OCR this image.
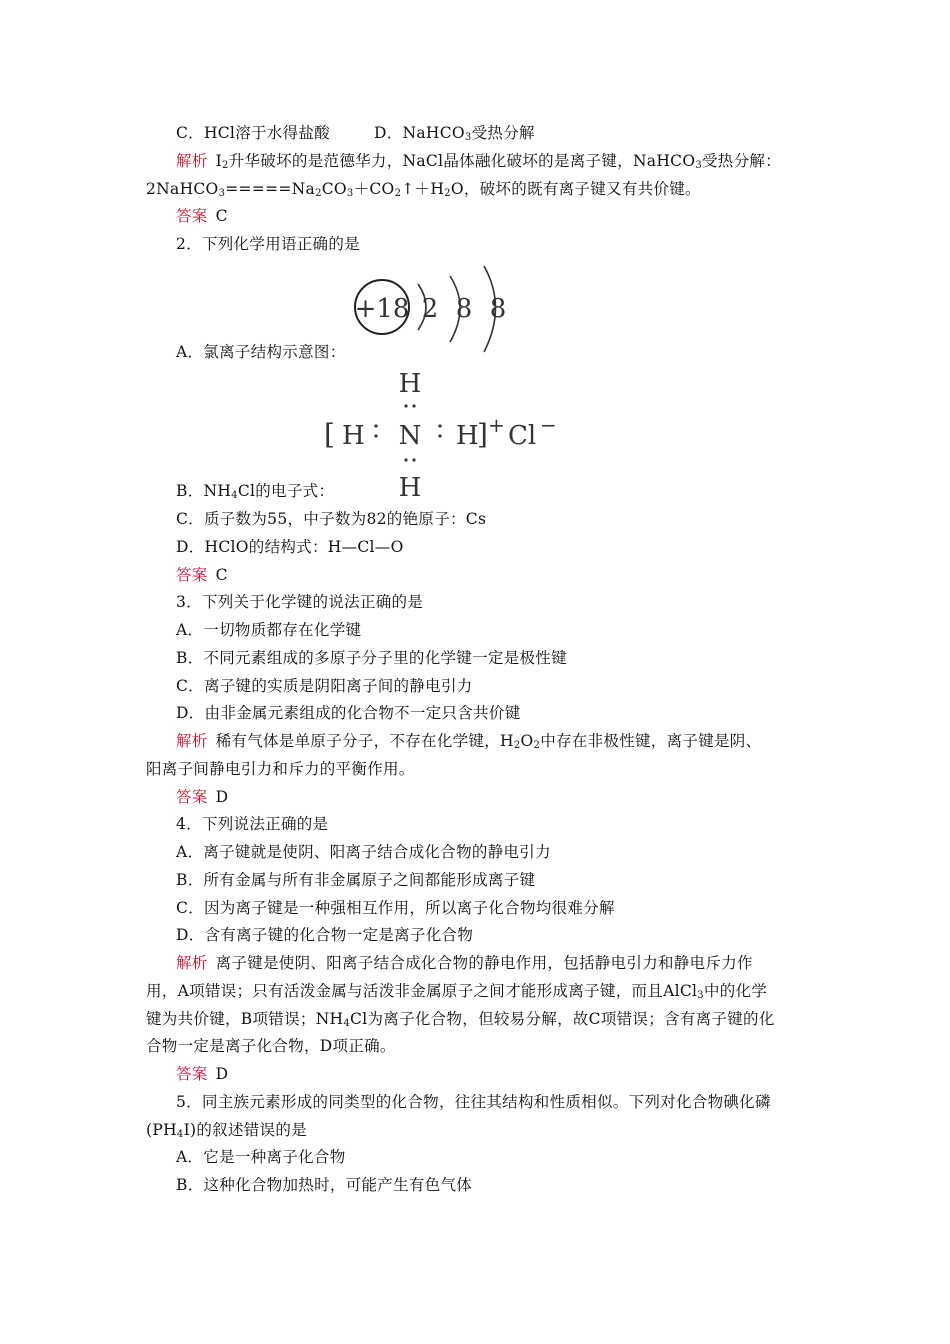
C．HCl溶于水得盐酸	D．NaHCO$_3$受热分解
解析 $I_2$升华破坏的是范德华力，NaCl晶体融化破坏的是离子键，NaHCO$_3$受热分解：
$2NaHCO_3=====Na_2CO_3+CO_2↑+H_2O$，破坏的既有离子键又有共价键。
答案 C
2．下列化学用语正确的是
+18 2 8 8
A．氯离子结构示意图：
H
[ H N H
] + Cl −
H
B．$NH_4Cl$的电子式：
C．质子数为55，中子数为82的铯原子：Cs
D．HClO的结构式：H—Cl—O
答案 C
3．下列关于化学键的说法正确的是
A．一切物质都存在化学键
B．不同元素组成的多原子分子里的化学键一定是极性键
C．离子键的实质是阴阳离子间的静电引力
D．由非金属元素组成的化合物不一定只含共价键
解析 稀有气体是单原子分子，不存在化学键，$H_2O_2$中存在非极性键，离子键是阴、
阳离子间静电引力和斥力的平衡作用。
答案 D
4．下列说法正确的是
A．离子键就是使阴、阳离子结合成化合物的静电引力
B．所有金属与所有非金属原子之间都能形成离子键
C．因为离子键是一种强相互作用，所以离子化合物均很难分解
D．含有离子键的化合物一定是离子化合物
解析 离子键是使阴、阳离子结合成化合物的静电作用，包括静电引力和静电斥力作
用，A项错误；只有活泼金属与活泼非金属原子之间才能形成离子键，而且AlCl$_3$中的化学
键为共价键，B项错误；$NH_4Cl$为离子化合物，但较易分解，故C项错误；含有离子键的化
合物一定是离子化合物，D项正确。
答案 D
5．同主族元素形成的同类型的化合物，往往其结构和性质相似。下列对化合物碘化磷
$(PH_4I)$的叙述错误的是
A．它是一种离子化合物
B．这种化合物加热时，可能产生有色气体
